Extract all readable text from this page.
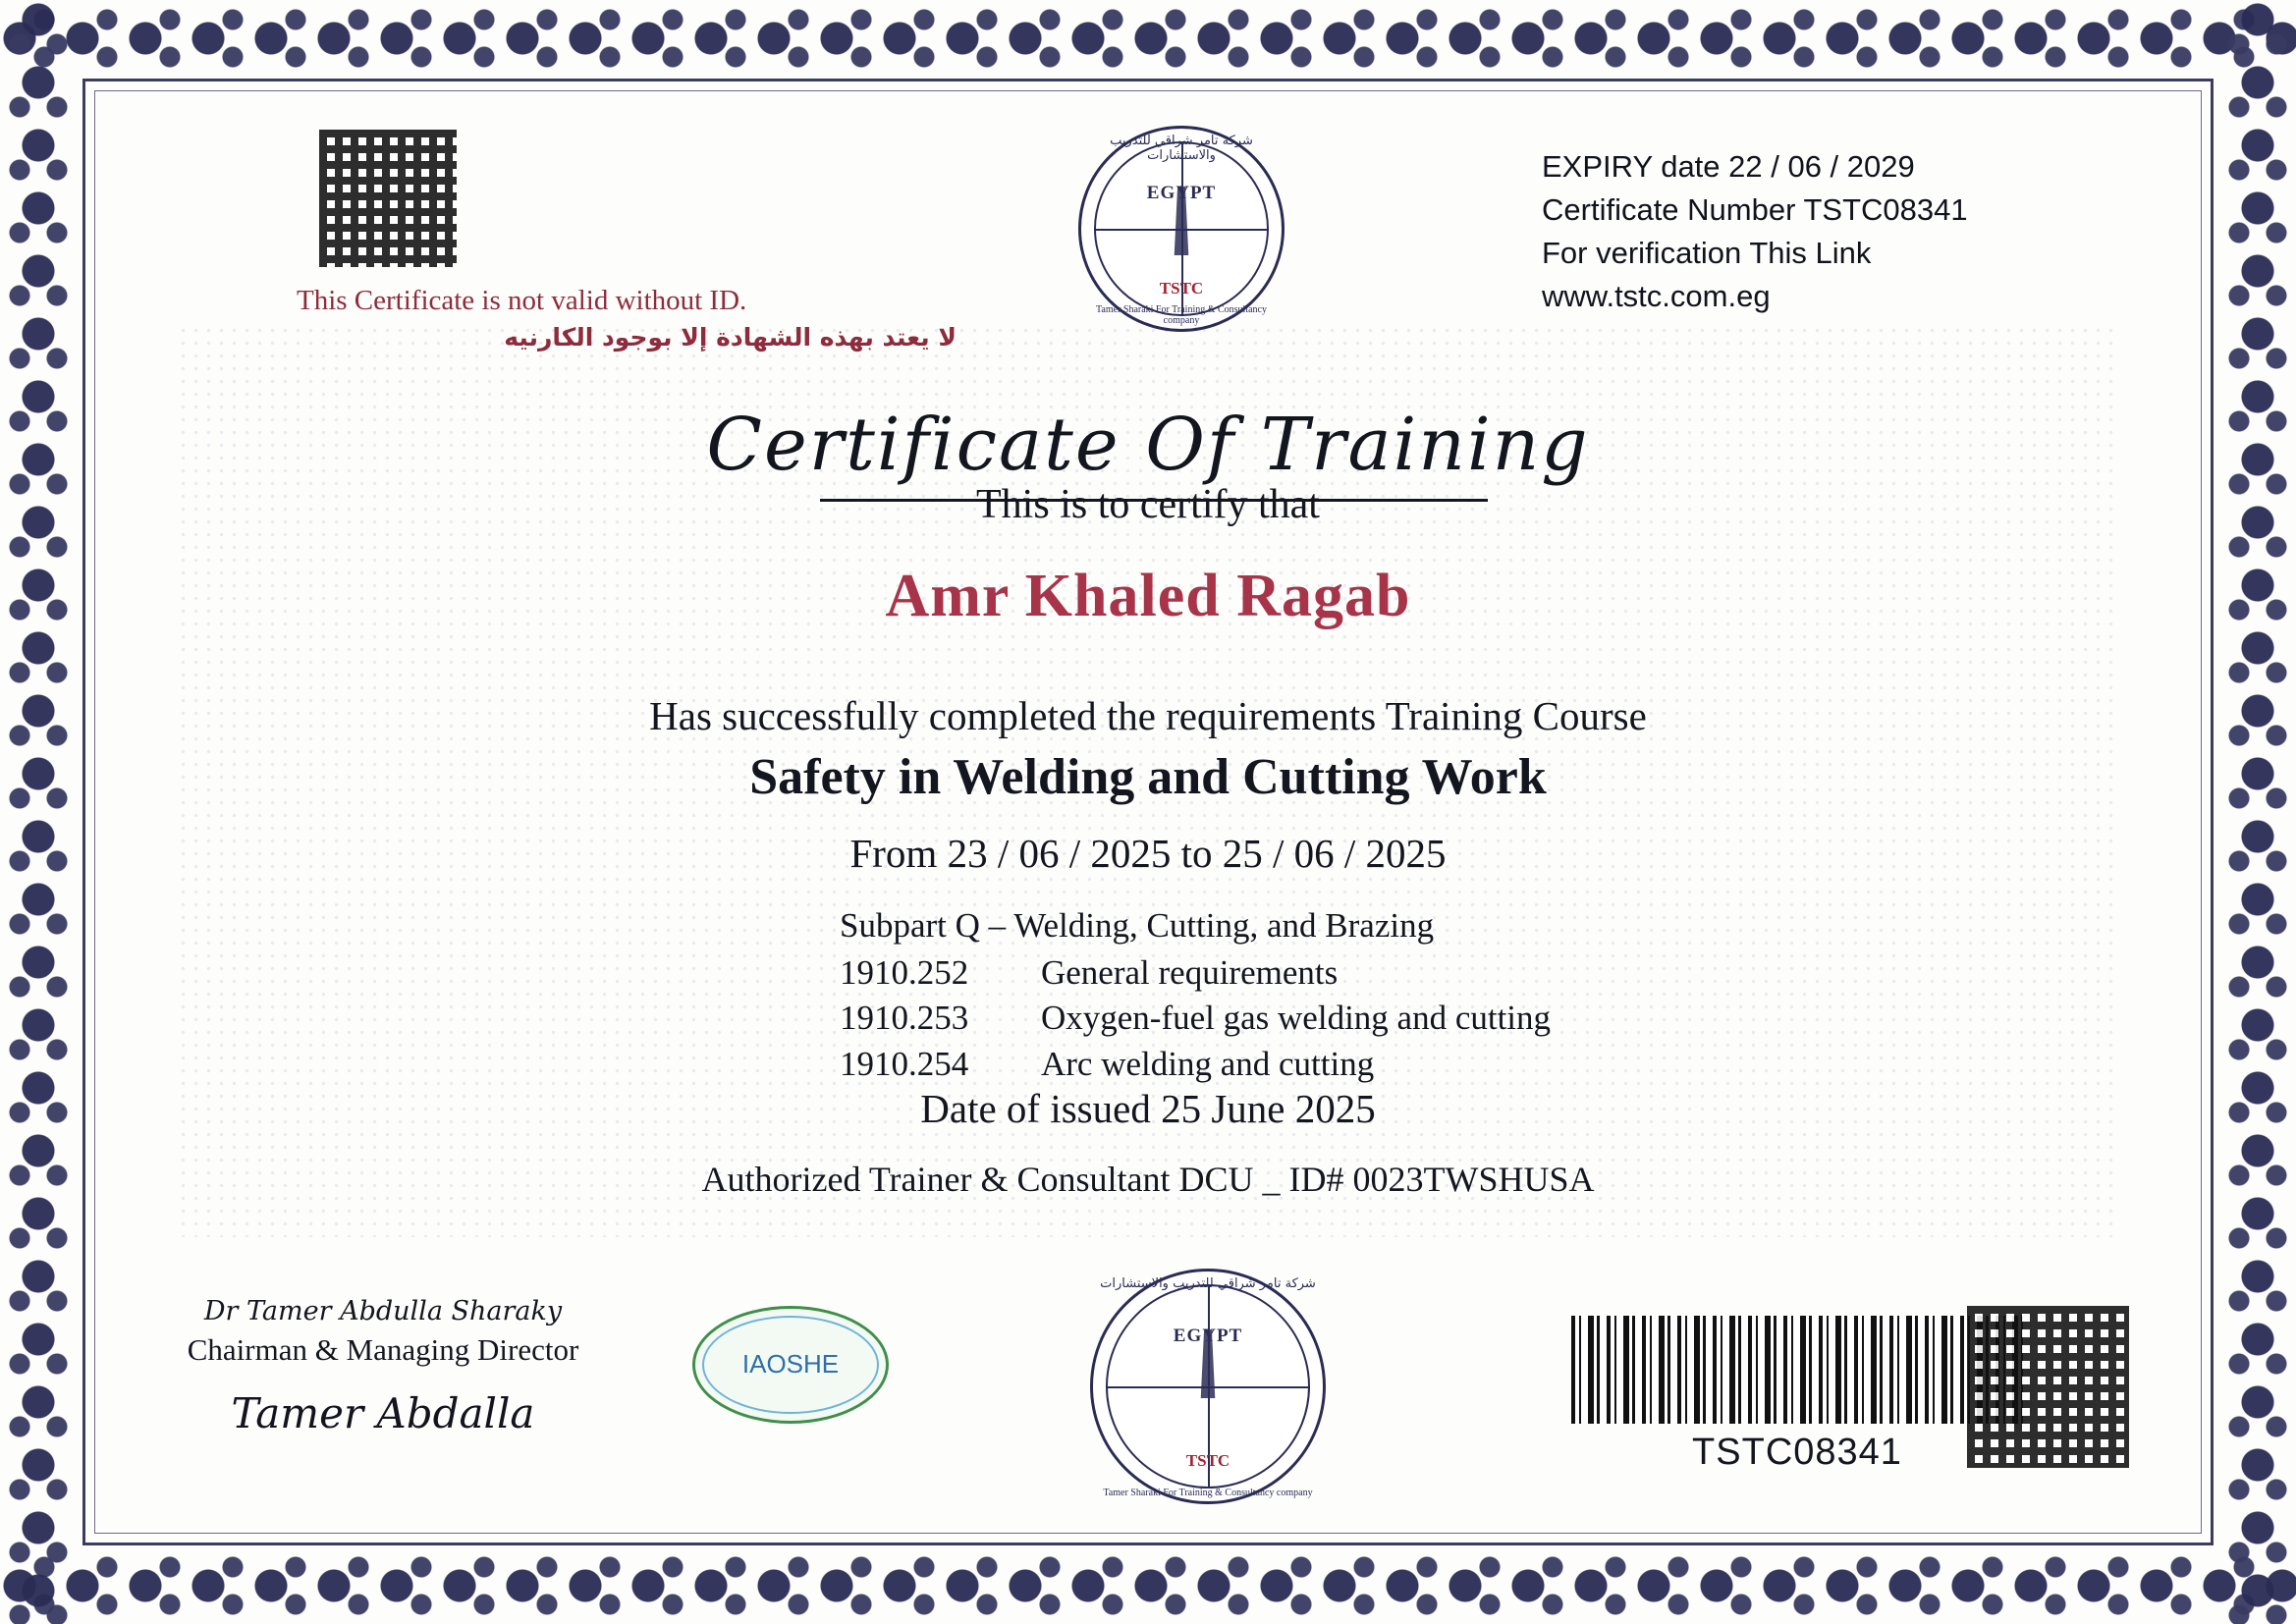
This Certificate is not valid without ID.
لا يعتد بهذه الشهادة إلا بوجود الكارنيه
شركة تامر شراقي للتدريب والاستشارات
EGYPT
TSTC
Tamer Sharaki For Training & Consultancy company
EXPIRY date 22 / 06 / 2029
Certificate Number TSTC08341
For verification This Link
www.tstc.com.eg
Certificate Of Training
This is to certify that
Amr Khaled Ragab
Has successfully completed the requirements Training Course
Safety in Welding and Cutting Work
From 23 / 06 / 2025 to 25 / 06 / 2025
Subpart Q – Welding, Cutting, and Brazing
1910.252	General requirements
1910.253	Oxygen-fuel gas welding and cutting
1910.254	Arc welding and cutting
Date of issued 25 June 2025
Authorized Trainer & Consultant DCU _ ID# 0023TWSHUSA
Dr Tamer Abdulla Sharaky
Chairman & Managing Director
Tamer Abdalla
IAOSHE
شركة تامر شراقي للتدريب والاستشارات
EGYPT
TSTC
Tamer Sharaki For Training & Consultancy company
TSTC08341
